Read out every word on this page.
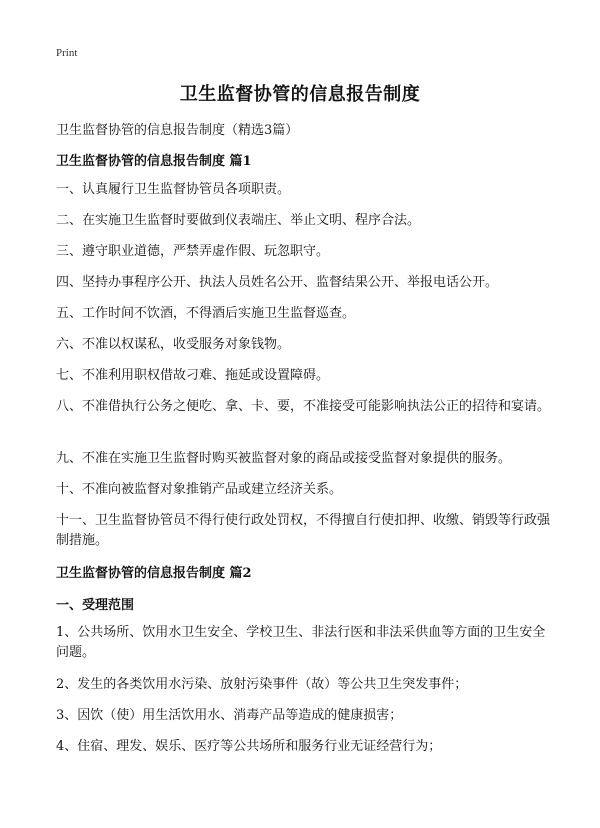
Print
卫生监督协管的信息报告制度
卫生监督协管的信息报告制度（精选3篇）
卫生监督协管的信息报告制度 篇1
一、认真履行卫生监督协管员各项职责。
二、在实施卫生监督时要做到仪表端庄、举止文明、程序合法。
三、遵守职业道德，严禁弄虚作假、玩忽职守。
四、坚持办事程序公开、执法人员姓名公开、监督结果公开、举报电话公开。
五、工作时间不饮酒，不得酒后实施卫生监督巡查。
六、不准以权谋私，收受服务对象钱物。
七、不准利用职权借故刁难、拖延或设置障碍。
八、不准借执行公务之便吃、拿、卡、要，不准接受可能影响执法公正的招待和宴请。
九、不准在实施卫生监督时购买被监督对象的商品或接受监督对象提供的服务。
十、不准向被监督对象推销产品或建立经济关系。
十一、卫生监督协管员不得行使行政处罚权，不得擅自行使扣押、收缴、销毁等行政强制措施。
卫生监督协管的信息报告制度 篇2
一、受理范围
1、公共场所、饮用水卫生安全、学校卫生、非法行医和非法采供血等方面的卫生安全问题。
2、发生的各类饮用水污染、放射污染事件（故）等公共卫生突发事件；
3、因饮（使）用生活饮用水、消毒产品等造成的健康损害；
4、住宿、理发、娱乐、医疗等公共场所和服务行业无证经营行为；
